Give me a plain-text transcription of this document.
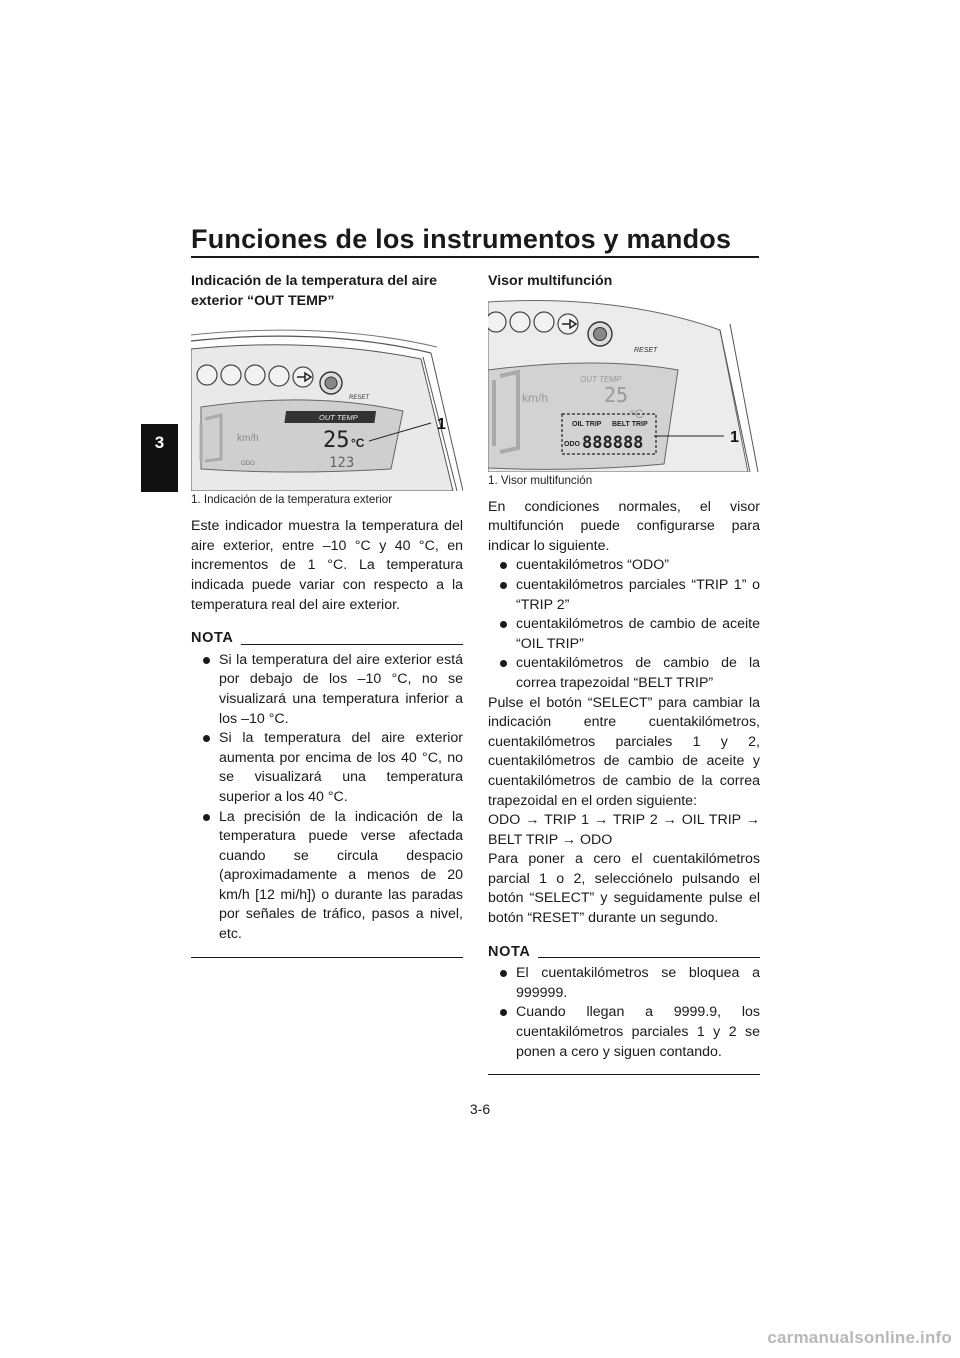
Funciones de los instrumentos y mandos
3
Indicación de la temperatura del aire exterior “OUT TEMP”
OUT TEMP
25 °C
km/h
ODO	123
RESET
1
1. Indicación de la temperatura exterior

Este indicador muestra la temperatura del aire exterior, entre –10 °C y 40 °C, en incrementos de 1 °C. La temperatura indicada puede variar con respecto a la temperatura real del aire exterior.

NOTA
Si la temperatura del aire exterior está por debajo de los –10 °C, no se visualizará una temperatura inferior a los –10 °C.
Si la temperatura del aire exterior aumenta por encima de los 40 °C, no se visualizará una temperatura superior a los 40 °C.
La precisión de la indicación de la temperatura puede verse afectada cuando se circula despacio (aproximadamente a menos de 20 km/h [12 mi/h]) o durante las paradas por señales de tráfico, pasos a nivel, etc.
Visor multifunción
RESET
km/h
OUT TEMP
25
°C
OIL TRIP BELT TRIP
ODO 888888	1
1. Visor multifunción

En condiciones normales, el visor multifunción puede configurarse para indicar lo siguiente.

cuentakilómetros “ODO”
cuentakilómetros parciales “TRIP 1” o “TRIP 2”
cuentakilómetros de cambio de aceite “OIL TRIP”
cuentakilómetros de cambio de la correa trapezoidal “BELT TRIP”

Pulse el botón “SELECT” para cambiar la indicación entre cuentakilómetros, cuentakilómetros parciales 1 y 2, cuentakilómetros de cambio de aceite y cuentakilómetros de cambio de la correa trapezoidal en el orden siguiente:

ODO → TRIP 1 → TRIP 2 → OIL TRIP → BELT TRIP → ODO

Para poner a cero el cuentakilómetros parcial 1 o 2, selecciónelo pulsando el botón “SELECT” y seguidamente pulse el botón “RESET” durante un segundo.

NOTA
El cuentakilómetros se bloquea a 999999.
Cuando llegan a 9999.9, los cuentakilómetros parciales 1 y 2 se ponen a cero y siguen contando.
3-6
carmanualsonline.info
